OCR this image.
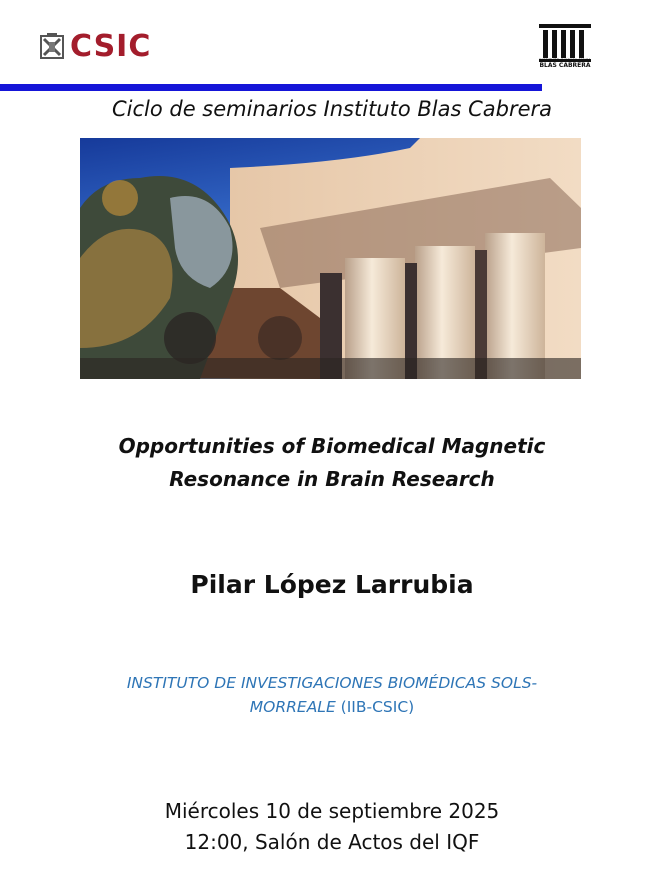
CSIC	INSTITUTO QUÍMICA FÍSICA
BLAS CABRERA
Ciclo de seminarios Instituto Blas Cabrera
Opportunities of Biomedical Magnetic
Resonance in Brain Research
Pilar López Larrubia
INSTITUTO DE INVESTIGACIONES BIOMÉDICAS SOLS-
MORREALE (IIB-CSIC)
Miércoles 10 de septiembre 2025
12:00, Salón de Actos del IQF
